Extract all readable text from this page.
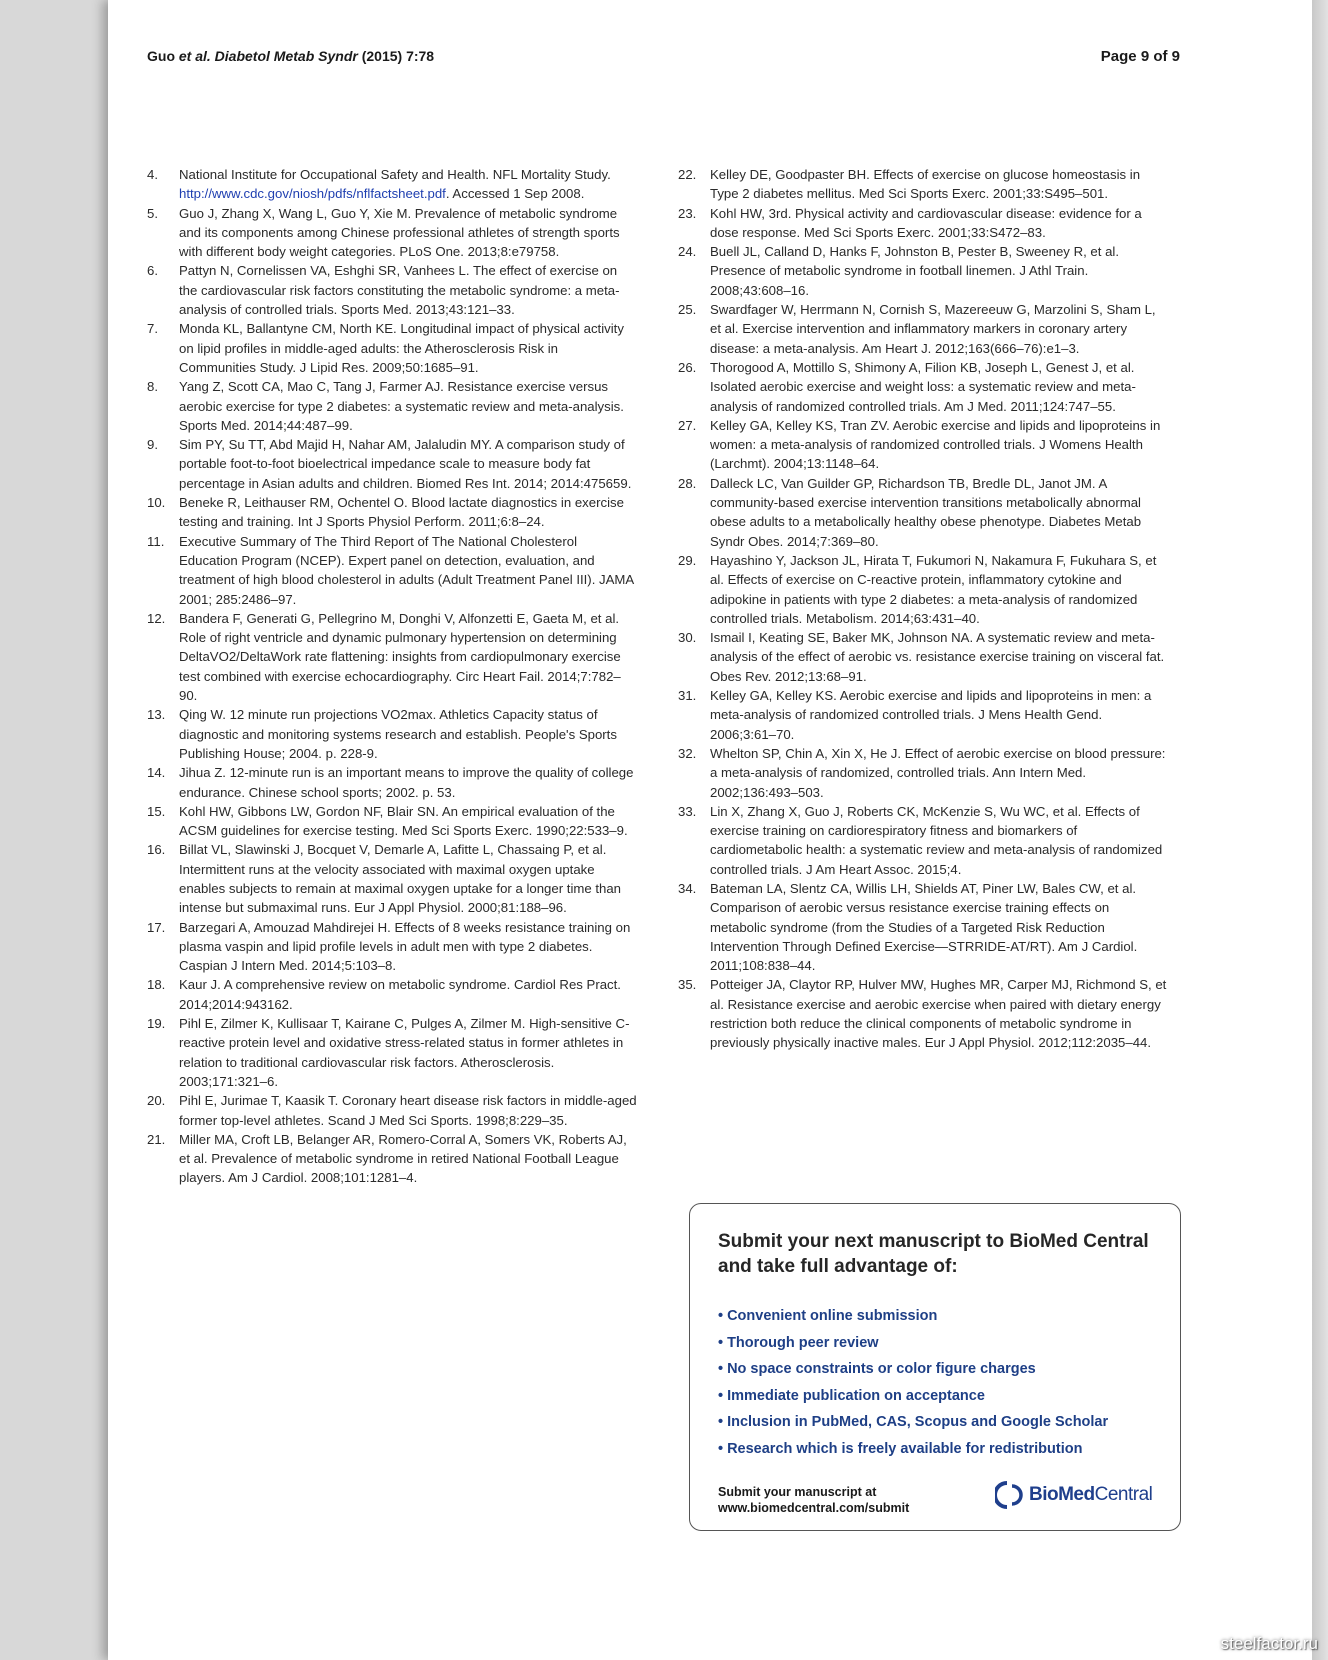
Guo et al. Diabetol Metab Syndr (2015) 7:78	Page 9 of 9
4.	National Institute for Occupational Safety and Health. NFL Mortality Study. http://www.cdc.gov/niosh/pdfs/nflfactsheet.pdf. Accessed 1 Sep 2008.
5.	Guo J, Zhang X, Wang L, Guo Y, Xie M. Prevalence of metabolic syndrome and its components among Chinese professional athletes of strength sports with different body weight categories. PLoS One. 2013;8:e79758.
6.	Pattyn N, Cornelissen VA, Eshghi SR, Vanhees L. The effect of exercise on the cardiovascular risk factors constituting the metabolic syndrome: a meta-analysis of controlled trials. Sports Med. 2013;43:121–33.
7.	Monda KL, Ballantyne CM, North KE. Longitudinal impact of physical activity on lipid profiles in middle-aged adults: the Atherosclerosis Risk in Communities Study. J Lipid Res. 2009;50:1685–91.
8.	Yang Z, Scott CA, Mao C, Tang J, Farmer AJ. Resistance exercise versus aerobic exercise for type 2 diabetes: a systematic review and meta-analysis. Sports Med. 2014;44:487–99.
9.	Sim PY, Su TT, Abd Majid H, Nahar AM, Jalaludin MY. A comparison study of portable foot-to-foot bioelectrical impedance scale to measure body fat percentage in Asian adults and children. Biomed Res Int. 2014; 2014:475659.
10.	Beneke R, Leithauser RM, Ochentel O. Blood lactate diagnostics in exercise testing and training. Int J Sports Physiol Perform. 2011;6:8–24.
11.	Executive Summary of The Third Report of The National Cholesterol Education Program (NCEP). Expert panel on detection, evaluation, and treatment of high blood cholesterol in adults (Adult Treatment Panel III). JAMA 2001; 285:2486–97.
12.	Bandera F, Generati G, Pellegrino M, Donghi V, Alfonzetti E, Gaeta M, et al. Role of right ventricle and dynamic pulmonary hypertension on determining DeltaVO2/DeltaWork rate flattening: insights from cardiopulmonary exercise test combined with exercise echocardiography. Circ Heart Fail. 2014;7:782–90.
13.	Qing W. 12 minute run projections VO2max. Athletics Capacity status of diagnostic and monitoring systems research and establish. People's Sports Publishing House; 2004. p. 228-9.
14.	Jihua Z. 12-minute run is an important means to improve the quality of college endurance. Chinese school sports; 2002. p. 53.
15.	Kohl HW, Gibbons LW, Gordon NF, Blair SN. An empirical evaluation of the ACSM guidelines for exercise testing. Med Sci Sports Exerc. 1990;22:533–9.
16.	Billat VL, Slawinski J, Bocquet V, Demarle A, Lafitte L, Chassaing P, et al. Intermittent runs at the velocity associated with maximal oxygen uptake enables subjects to remain at maximal oxygen uptake for a longer time than intense but submaximal runs. Eur J Appl Physiol. 2000;81:188–96.
17.	Barzegari A, Amouzad Mahdirejei H. Effects of 8 weeks resistance training on plasma vaspin and lipid profile levels in adult men with type 2 diabetes. Caspian J Intern Med. 2014;5:103–8.
18.	Kaur J. A comprehensive review on metabolic syndrome. Cardiol Res Pract. 2014;2014:943162.
19.	Pihl E, Zilmer K, Kullisaar T, Kairane C, Pulges A, Zilmer M. High-sensitive C-reactive protein level and oxidative stress-related status in former athletes in relation to traditional cardiovascular risk factors. Atherosclerosis. 2003;171:321–6.
20.	Pihl E, Jurimae T, Kaasik T. Coronary heart disease risk factors in middle-aged former top-level athletes. Scand J Med Sci Sports. 1998;8:229–35.
21.	Miller MA, Croft LB, Belanger AR, Romero-Corral A, Somers VK, Roberts AJ, et al. Prevalence of metabolic syndrome in retired National Football League players. Am J Cardiol. 2008;101:1281–4.
22.	Kelley DE, Goodpaster BH. Effects of exercise on glucose homeostasis in Type 2 diabetes mellitus. Med Sci Sports Exerc. 2001;33:S495–501.
23.	Kohl HW, 3rd. Physical activity and cardiovascular disease: evidence for a dose response. Med Sci Sports Exerc. 2001;33:S472–83.
24.	Buell JL, Calland D, Hanks F, Johnston B, Pester B, Sweeney R, et al. Presence of metabolic syndrome in football linemen. J Athl Train. 2008;43:608–16.
25.	Swardfager W, Herrmann N, Cornish S, Mazereeuw G, Marzolini S, Sham L, et al. Exercise intervention and inflammatory markers in coronary artery disease: a meta-analysis. Am Heart J. 2012;163(666–76):e1–3.
26.	Thorogood A, Mottillo S, Shimony A, Filion KB, Joseph L, Genest J, et al. Isolated aerobic exercise and weight loss: a systematic review and meta-analysis of randomized controlled trials. Am J Med. 2011;124:747–55.
27.	Kelley GA, Kelley KS, Tran ZV. Aerobic exercise and lipids and lipoproteins in women: a meta-analysis of randomized controlled trials. J Womens Health (Larchmt). 2004;13:1148–64.
28.	Dalleck LC, Van Guilder GP, Richardson TB, Bredle DL, Janot JM. A community-based exercise intervention transitions metabolically abnormal obese adults to a metabolically healthy obese phenotype. Diabetes Metab Syndr Obes. 2014;7:369–80.
29.	Hayashino Y, Jackson JL, Hirata T, Fukumori N, Nakamura F, Fukuhara S, et al. Effects of exercise on C-reactive protein, inflammatory cytokine and adipokine in patients with type 2 diabetes: a meta-analysis of randomized controlled trials. Metabolism. 2014;63:431–40.
30.	Ismail I, Keating SE, Baker MK, Johnson NA. A systematic review and meta-analysis of the effect of aerobic vs. resistance exercise training on visceral fat. Obes Rev. 2012;13:68–91.
31.	Kelley GA, Kelley KS. Aerobic exercise and lipids and lipoproteins in men: a meta-analysis of randomized controlled trials. J Mens Health Gend. 2006;3:61–70.
32.	Whelton SP, Chin A, Xin X, He J. Effect of aerobic exercise on blood pressure: a meta-analysis of randomized, controlled trials. Ann Intern Med. 2002;136:493–503.
33.	Lin X, Zhang X, Guo J, Roberts CK, McKenzie S, Wu WC, et al. Effects of exercise training on cardiorespiratory fitness and biomarkers of cardiometabolic health: a systematic review and meta-analysis of randomized controlled trials. J Am Heart Assoc. 2015;4.
34.	Bateman LA, Slentz CA, Willis LH, Shields AT, Piner LW, Bales CW, et al. Comparison of aerobic versus resistance exercise training effects on metabolic syndrome (from the Studies of a Targeted Risk Reduction Intervention Through Defined Exercise—STRRIDE-AT/RT). Am J Cardiol. 2011;108:838–44.
35.	Potteiger JA, Claytor RP, Hulver MW, Hughes MR, Carper MJ, Richmond S, et al. Resistance exercise and aerobic exercise when paired with dietary energy restriction both reduce the clinical components of metabolic syndrome in previously physically inactive males. Eur J Appl Physiol. 2012;112:2035–44.
Submit your next manuscript to BioMed Central and take full advantage of:
• Convenient online submission
• Thorough peer review
• No space constraints or color figure charges
• Immediate publication on acceptance
• Inclusion in PubMed, CAS, Scopus and Google Scholar
• Research which is freely available for redistribution
Submit your manuscript at
www.biomedcentral.com/submit
BioMed Central
steelfactor.ru
